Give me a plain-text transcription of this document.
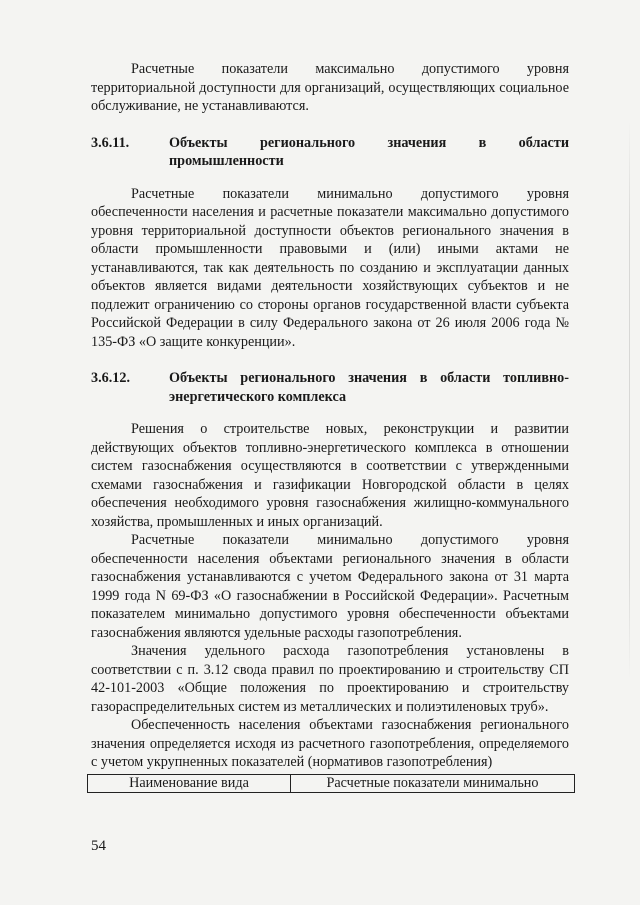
Расчетные показатели максимально допустимого уровня территориальной доступности для организаций, осуществляющих социальное обслуживание, не устанавливаются.

3.6.11.	Объекты регионального значения в области промышленности

Расчетные показатели минимально допустимого уровня обеспеченности населения и расчетные показатели максимально допустимого уровня территориальной доступности объектов регионального значения в области промышленности правовыми и (или) иными актами не устанавливаются, так как деятельность по созданию и эксплуатации данных объектов является видами деятельности хозяйствующих субъектов и не подлежит ограничению со стороны органов государственной власти субъекта Российской Федерации в силу Федерального закона от 26 июля 2006 года № 135-ФЗ «О защите конкуренции».

3.6.12.	Объекты регионального значения в области топливно-энергетического комплекса

Решения о строительстве новых, реконструкции и развитии действующих объектов топливно-энергетического комплекса в отношении систем газоснабжения осуществляются в соответствии с утвержденными схемами газоснабжения и газификации Новгородской области в целях обеспечения необходимого уровня газоснабжения жилищно-коммунального хозяйства, промышленных и иных организаций.

Расчетные показатели минимально допустимого уровня обеспеченности населения объектами регионального значения в области газоснабжения устанавливаются с учетом Федерального закона от 31 марта 1999 года N 69-ФЗ «О газоснабжении в Российской Федерации». Расчетным показателем минимально допустимого уровня обеспеченности объектами газоснабжения являются удельные расходы газопотребления.

Значения удельного расхода газопотребления установлены в соответствии с п. 3.12 свода правил по проектированию и строительству СП 42-101-2003 «Общие положения по проектированию и строительству газораспределительных систем из металлических и полиэтиленовых труб».

Обеспеченность населения объектами газоснабжения регионального значения определяется исходя из расчетного газопотребления, определяемого с учетом укрупненных показателей (нормативов газопотребления)

Наименование вида	Расчетные показатели минимально
54
